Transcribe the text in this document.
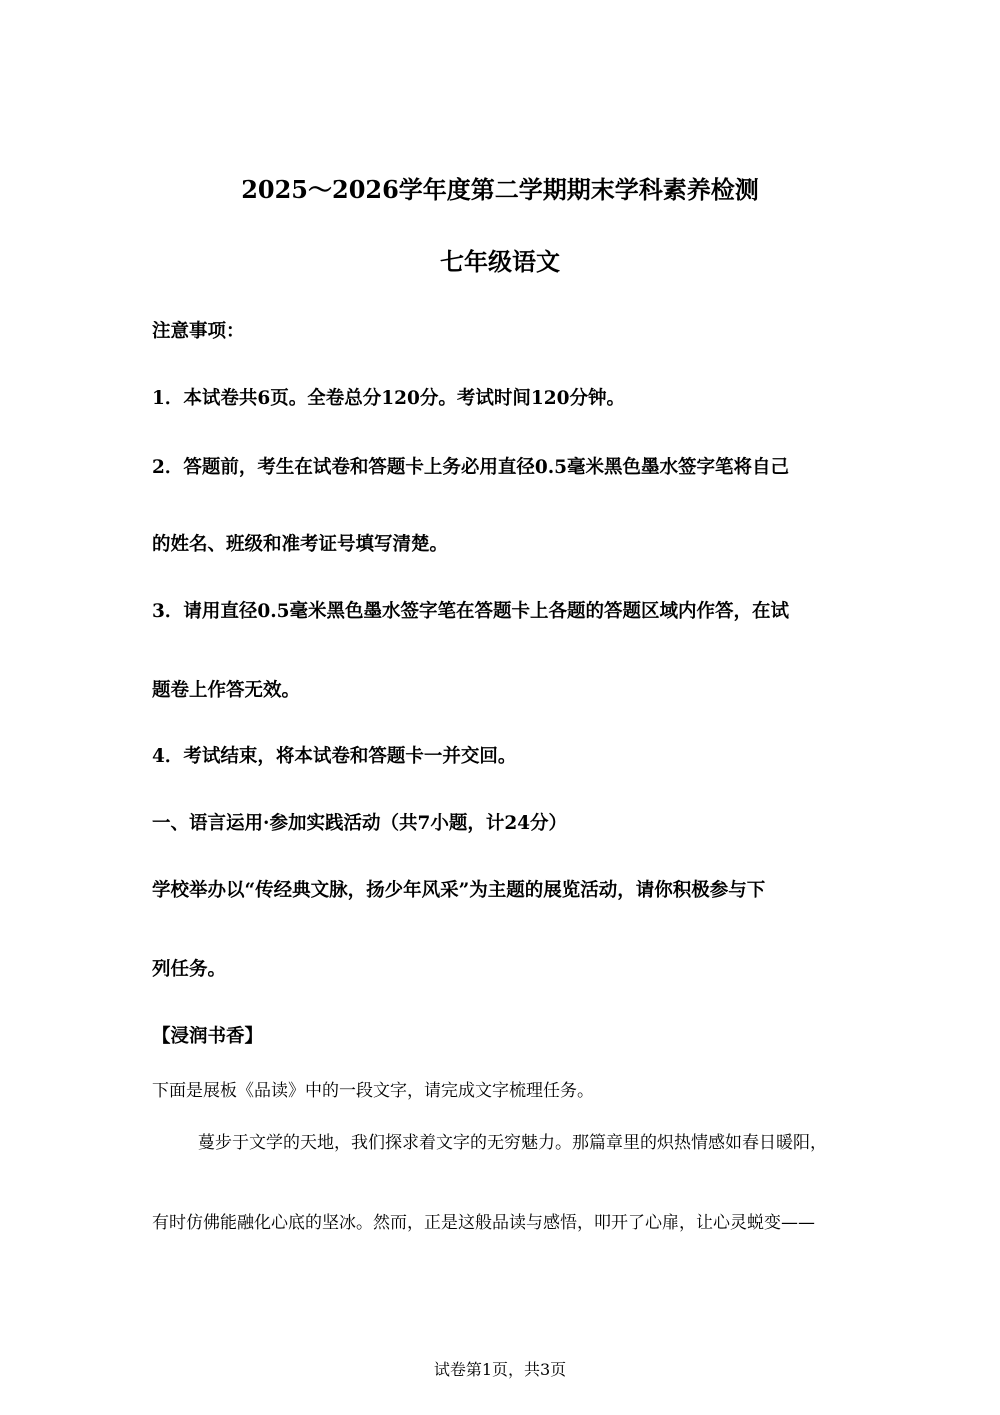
2025～2026学年度第二学期期末学科素养检测
七年级语文
注意事项：
1．本试卷共6页。全卷总分120分。考试时间120分钟。
2．答题前，考生在试卷和答题卡上务必用直径0.5毫米黑色墨水签字笔将自己
的姓名、班级和准考证号填写清楚。
3．请用直径0.5毫米黑色墨水签字笔在答题卡上各题的答题区域内作答，在试
题卷上作答无效。
4．考试结束，将本试卷和答题卡一并交回。
一、语言运用·参加实践活动（共7小题，计24分）
学校举办以“传经典文脉，扬少年风采”为主题的展览活动，请你积极参与下
列任务。
【浸润书香】
下面是展板《品读》中的一段文字，请完成文字梳理任务。
蔓步于文学的天地，我们探求着文字的无穷魅力。那篇章里的炽热情感如春日暖阳，
有时仿佛能融化心底的坚冰。然而，正是这般品读与感悟，叩开了心扉，让心灵蜕变——
试卷第1页，共3页
